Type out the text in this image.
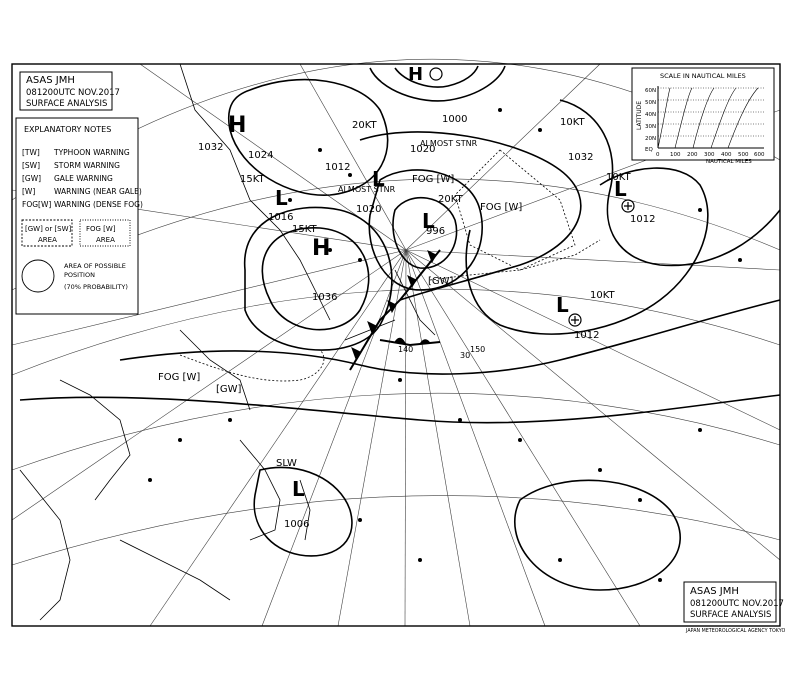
H
H
L
L
L
L
L
L
H
996
1006
1012
1012
1032
1036
1020
1020
1016
1012
1000
1024	1032
FOG [W]
FOG [W]
FOG [W]
[GW]
[GW]
SLW
ALMOST STNR
ALMOST STNR
20KT
15KT
10KT
10KT
15KT
10KT
20KT
140	150
30
ASAS JMH
081200UTC NOV.2017
SURFACE ANALYSIS
EXPLANATORY NOTES
[TW] TYPHOON WARNING
[SW] STORM WARNING
[GW] GALE WARNING
[W] WARNING (NEAR GALE)
FOG[W] WARNING (DENSE FOG)
[GW] or [SW]
AREA
FOG [W]
AREA
AREA OF POSSIBLE
POSITION
(70% PROBABILITY)
SCALE IN NAUTICAL MILES
LATITUDE
60N
50N
40N
30N
20N
EQ
0 100 200 300 400 500 600
NAUTICAL MILES
ASAS JMH
081200UTC NOV.2017
SURFACE ANALYSIS
JAPAN METEOROLOGICAL AGENCY TOKYO
